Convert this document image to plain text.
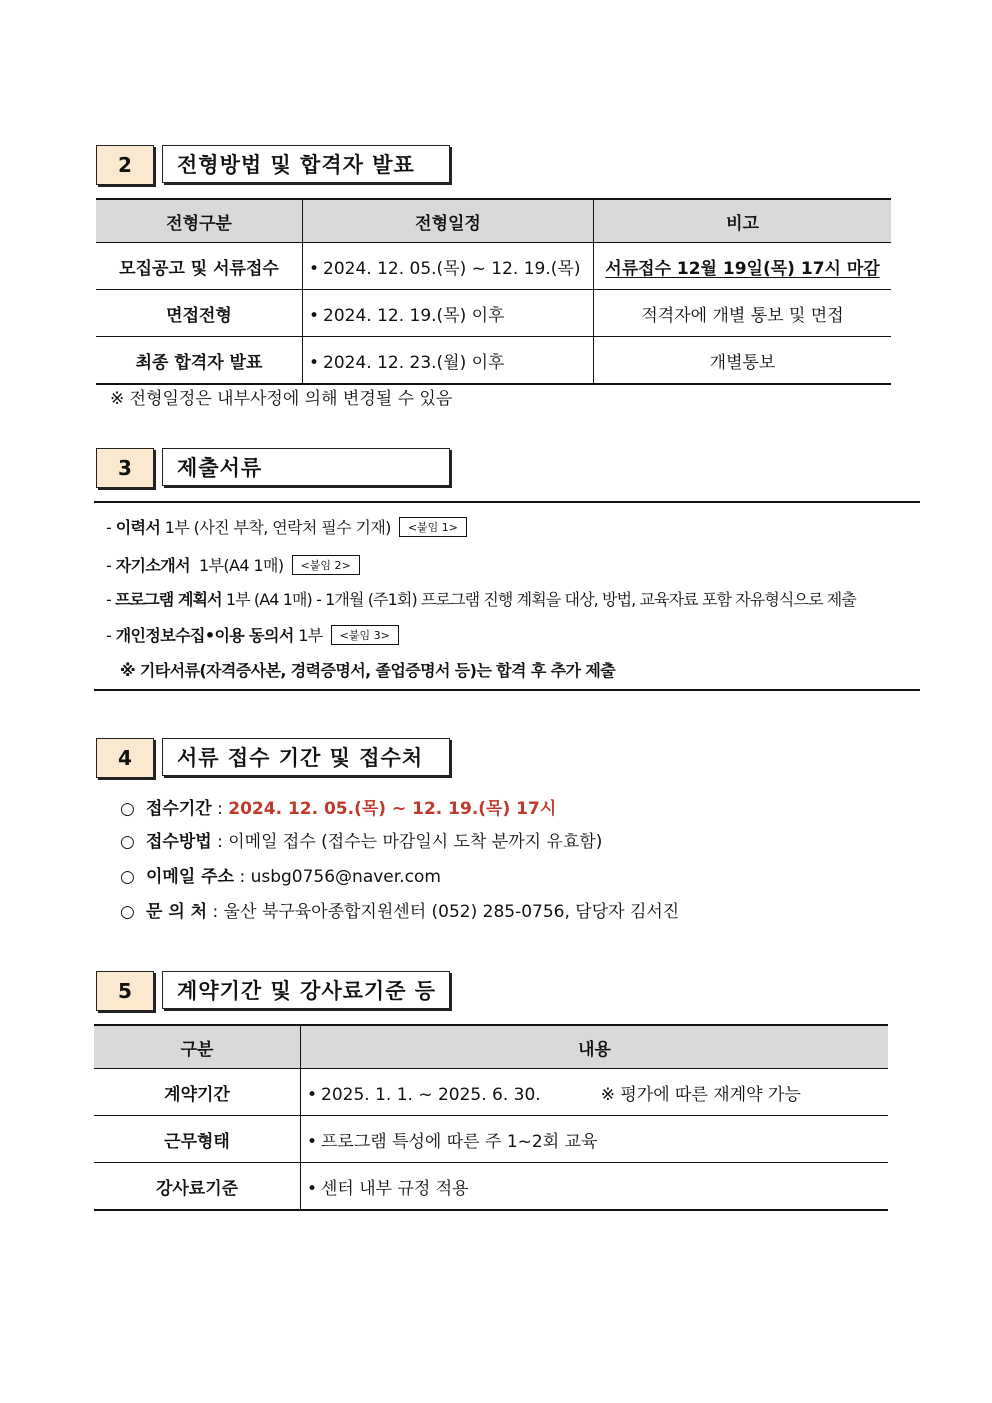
2	전형방법 및 합격자 발표
전형구분	전형일정	비고
모집공고 및 서류접수	• 2024. 12. 05.(목) ~ 12. 19.(목)	서류접수 12월 19일(목) 17시 마감
면접전형	• 2024. 12. 19.(목) 이후	적격자에 개별 통보 및 면접
최종 합격자 발표	• 2024. 12. 23.(월) 이후	개별통보
※ 전형일정은 내부사정에 의해 변경될 수 있음
3	제출서류
- 이력서 1부 (사진 부착, 연락처 필수 기재) <붙임 1>
- 자기소개서 1부(A4 1매) <붙임 2>
- 프로그램 계획서 1부 (A4 1매) - 1개월 (주1회) 프로그램 진행 계획을 대상, 방법, 교육자료 포함 자유형식으로 제출
- 개인정보수집•이용 동의서 1부 <붙임 3>
※ 기타서류(자격증사본, 경력증명서, 졸업증명서 등)는 합격 후 추가 제출
4	서류 접수 기간 및 접수처
○ 접수기간 : 2024. 12. 05.(목) ~ 12. 19.(목) 17시
○ 접수방법 : 이메일 접수 (접수는 마감일시 도착 분까지 유효함)
○ 이메일 주소 : usbg0756@naver.com
○ 문 의 처 : 울산 북구육아종합지원센터 (052) 285-0756, 담당자 김서진
5	계약기간 및 강사료기준 등
구분	내용
계약기간	• 2025. 1. 1. ~ 2025. 6. 30. ※ 평가에 따른 재계약 가능
근무형태	• 프로그램 특성에 따른 주 1~2회 교육
강사료기준	• 센터 내부 규정 적용
